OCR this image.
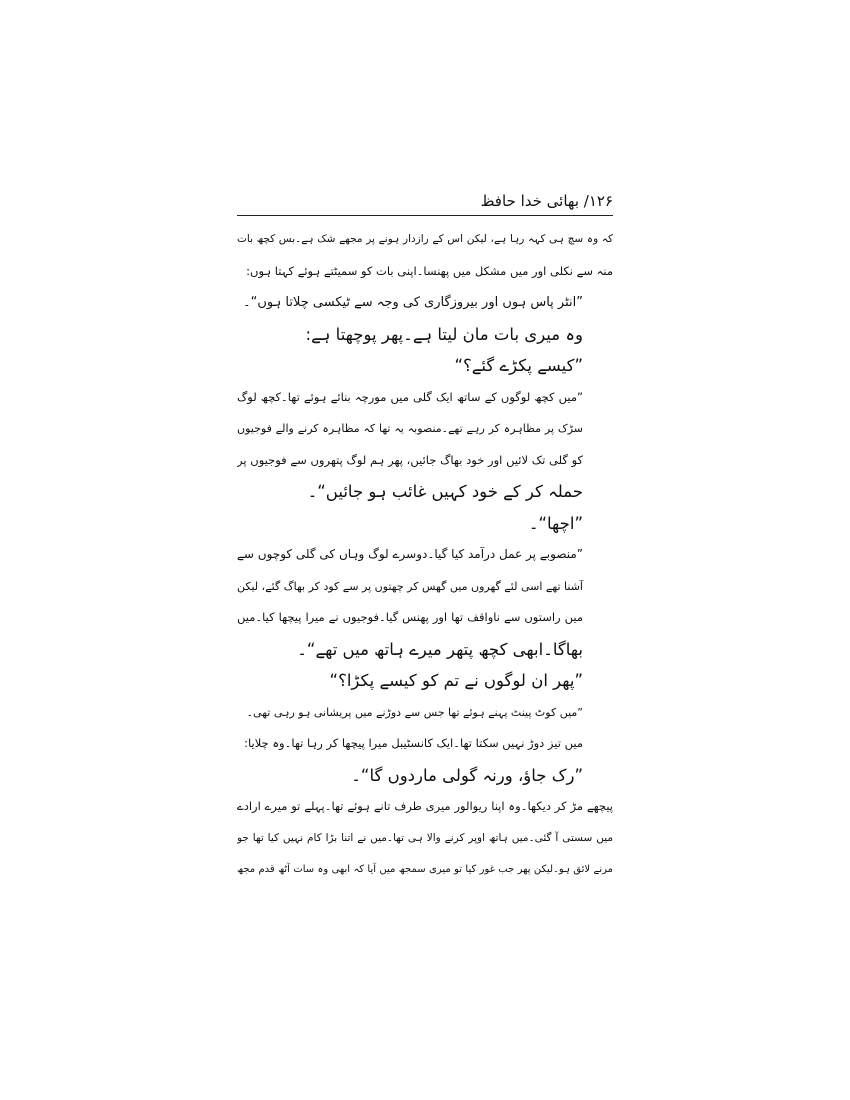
۱۲۶/ بھائی خدا حافظ
کہ وہ سچ ہی کہہ رہا ہے، لیکن اس کے رازدار ہونے پر مجھے شک ہے۔بس کچھ بات
منہ سے نکلی اور میں مشکل میں پھنسا۔اپنی بات کو سمیٹتے ہوئے کہتا ہوں:
”انٹر پاس ہوں اور بیروزگاری کی وجہ سے ٹیکسی چلاتا ہوں“۔
وہ میری بات مان لیتا ہے۔پھر پوچھتا ہے:
”کیسے پکڑے گئے؟“
”میں کچھ لوگوں کے ساتھ ایک گلی میں مورچہ بنائے ہوئے تھا۔کچھ لوگ
سڑک پر مظاہرہ کر رہے تھے۔منصوبہ یہ تھا کہ مظاہرہ کرنے والے فوجیوں
کو گلی تک لائیں اور خود بھاگ جائیں، پھر ہم لوگ پتھروں سے فوجیوں پر
حملہ کر کے خود کہیں غائب ہو جائیں“۔
”اچھا“۔
”منصوبے پر عمل درآمد کیا گیا۔دوسرے لوگ وہاں کی گلی کوچوں سے
آشنا تھے اسی لئے گھروں میں گھس کر چھتوں پر سے کود کر بھاگ گئے، لیکن
میں راستوں سے ناواقف تھا اور پھنس گیا۔فوجیوں نے میرا پیچھا کیا۔میں
بھاگا۔ابھی کچھ پتھر میرے ہاتھ میں تھے“۔
”پھر ان لوگوں نے تم کو کیسے پکڑا؟“
”میں کوٹ پینٹ پہنے ہوئے تھا جس سے دوڑنے میں پریشانی ہو رہی تھی۔
میں تیز دوڑ نہیں سکتا تھا۔ایک کانسٹیبل میرا پیچھا کر رہا تھا۔وہ چلایا:
”رک جاؤ، ورنہ گولی ماردوں گا“۔
پیچھے مڑ کر دیکھا۔وہ اپنا ریوالور میری طرف تانے ہوئے تھا۔پہلے تو میرے ارادے
میں سستی آ گئی۔میں ہاتھ اوپر کرنے والا ہی تھا۔میں نے اتنا بڑا کام نہیں کیا تھا جو
مرنے لائق ہو۔لیکن پھر جب غور کیا تو میری سمجھ میں آیا کہ ابھی وہ سات آٹھ قدم مجھ
